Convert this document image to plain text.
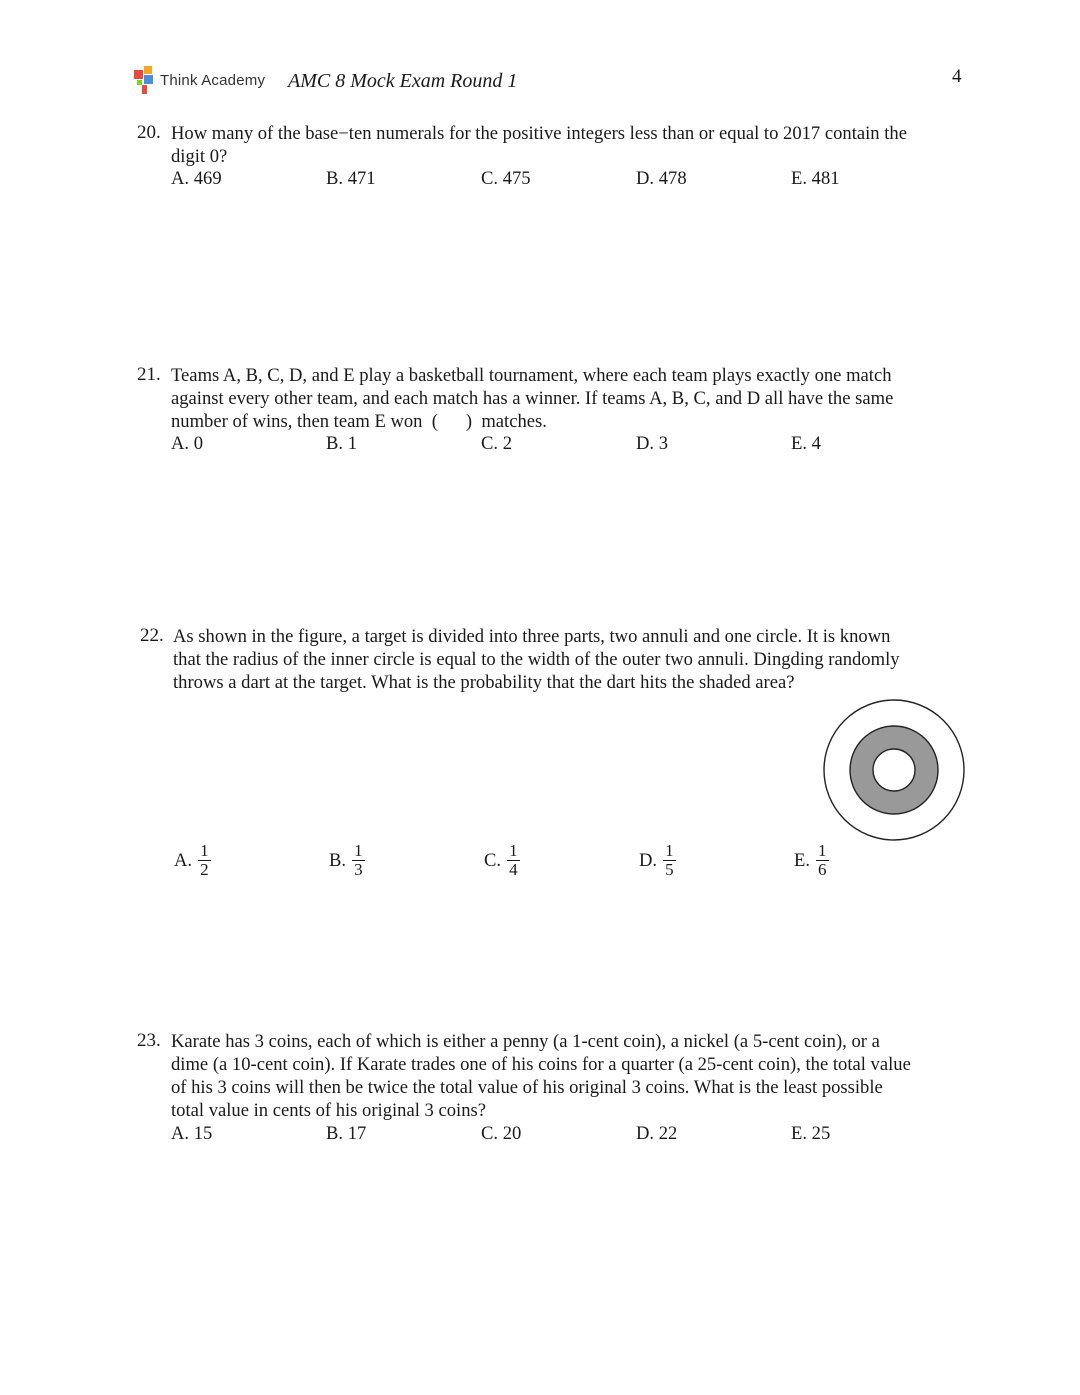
Think Academy AMC 8 Mock Exam Round 1	4
20. How many of the base−ten numerals for the positive integers less than or equal to 2017 contain the
digit 0?
A. 469	B. 471	C. 475	D. 478	E. 481
21. Teams A, B, C, D, and E play a basketball tournament, where each team plays exactly one match
against every other team, and each match has a winner. If teams A, B, C, and D all have the same
number of wins, then team E won  (      )  matches.
A. 0	B. 1	C. 2	D. 3	E. 4
22. As shown in the figure, a target is divided into three parts, two annuli and one circle. It is known
that the radius of the inner circle is equal to the width of the outer two annuli. Dingding randomly
throws a dart at the target. What is the probability that the dart hits the shaded area?
A. $\frac{1}{2}$	B. $\frac{1}{3}$	C. $\frac{1}{4}$	D. $\frac{1}{5}$	E. $\frac{1}{6}$
23. Karate has 3 coins, each of which is either a penny (a 1-cent coin), a nickel (a 5-cent coin), or a
dime (a 10-cent coin). If Karate trades one of his coins for a quarter (a 25-cent coin), the total value
of his 3 coins will then be twice the total value of his original 3 coins. What is the least possible
total value in cents of his original 3 coins?
A. 15	B. 17	C. 20	D. 22	E. 25
